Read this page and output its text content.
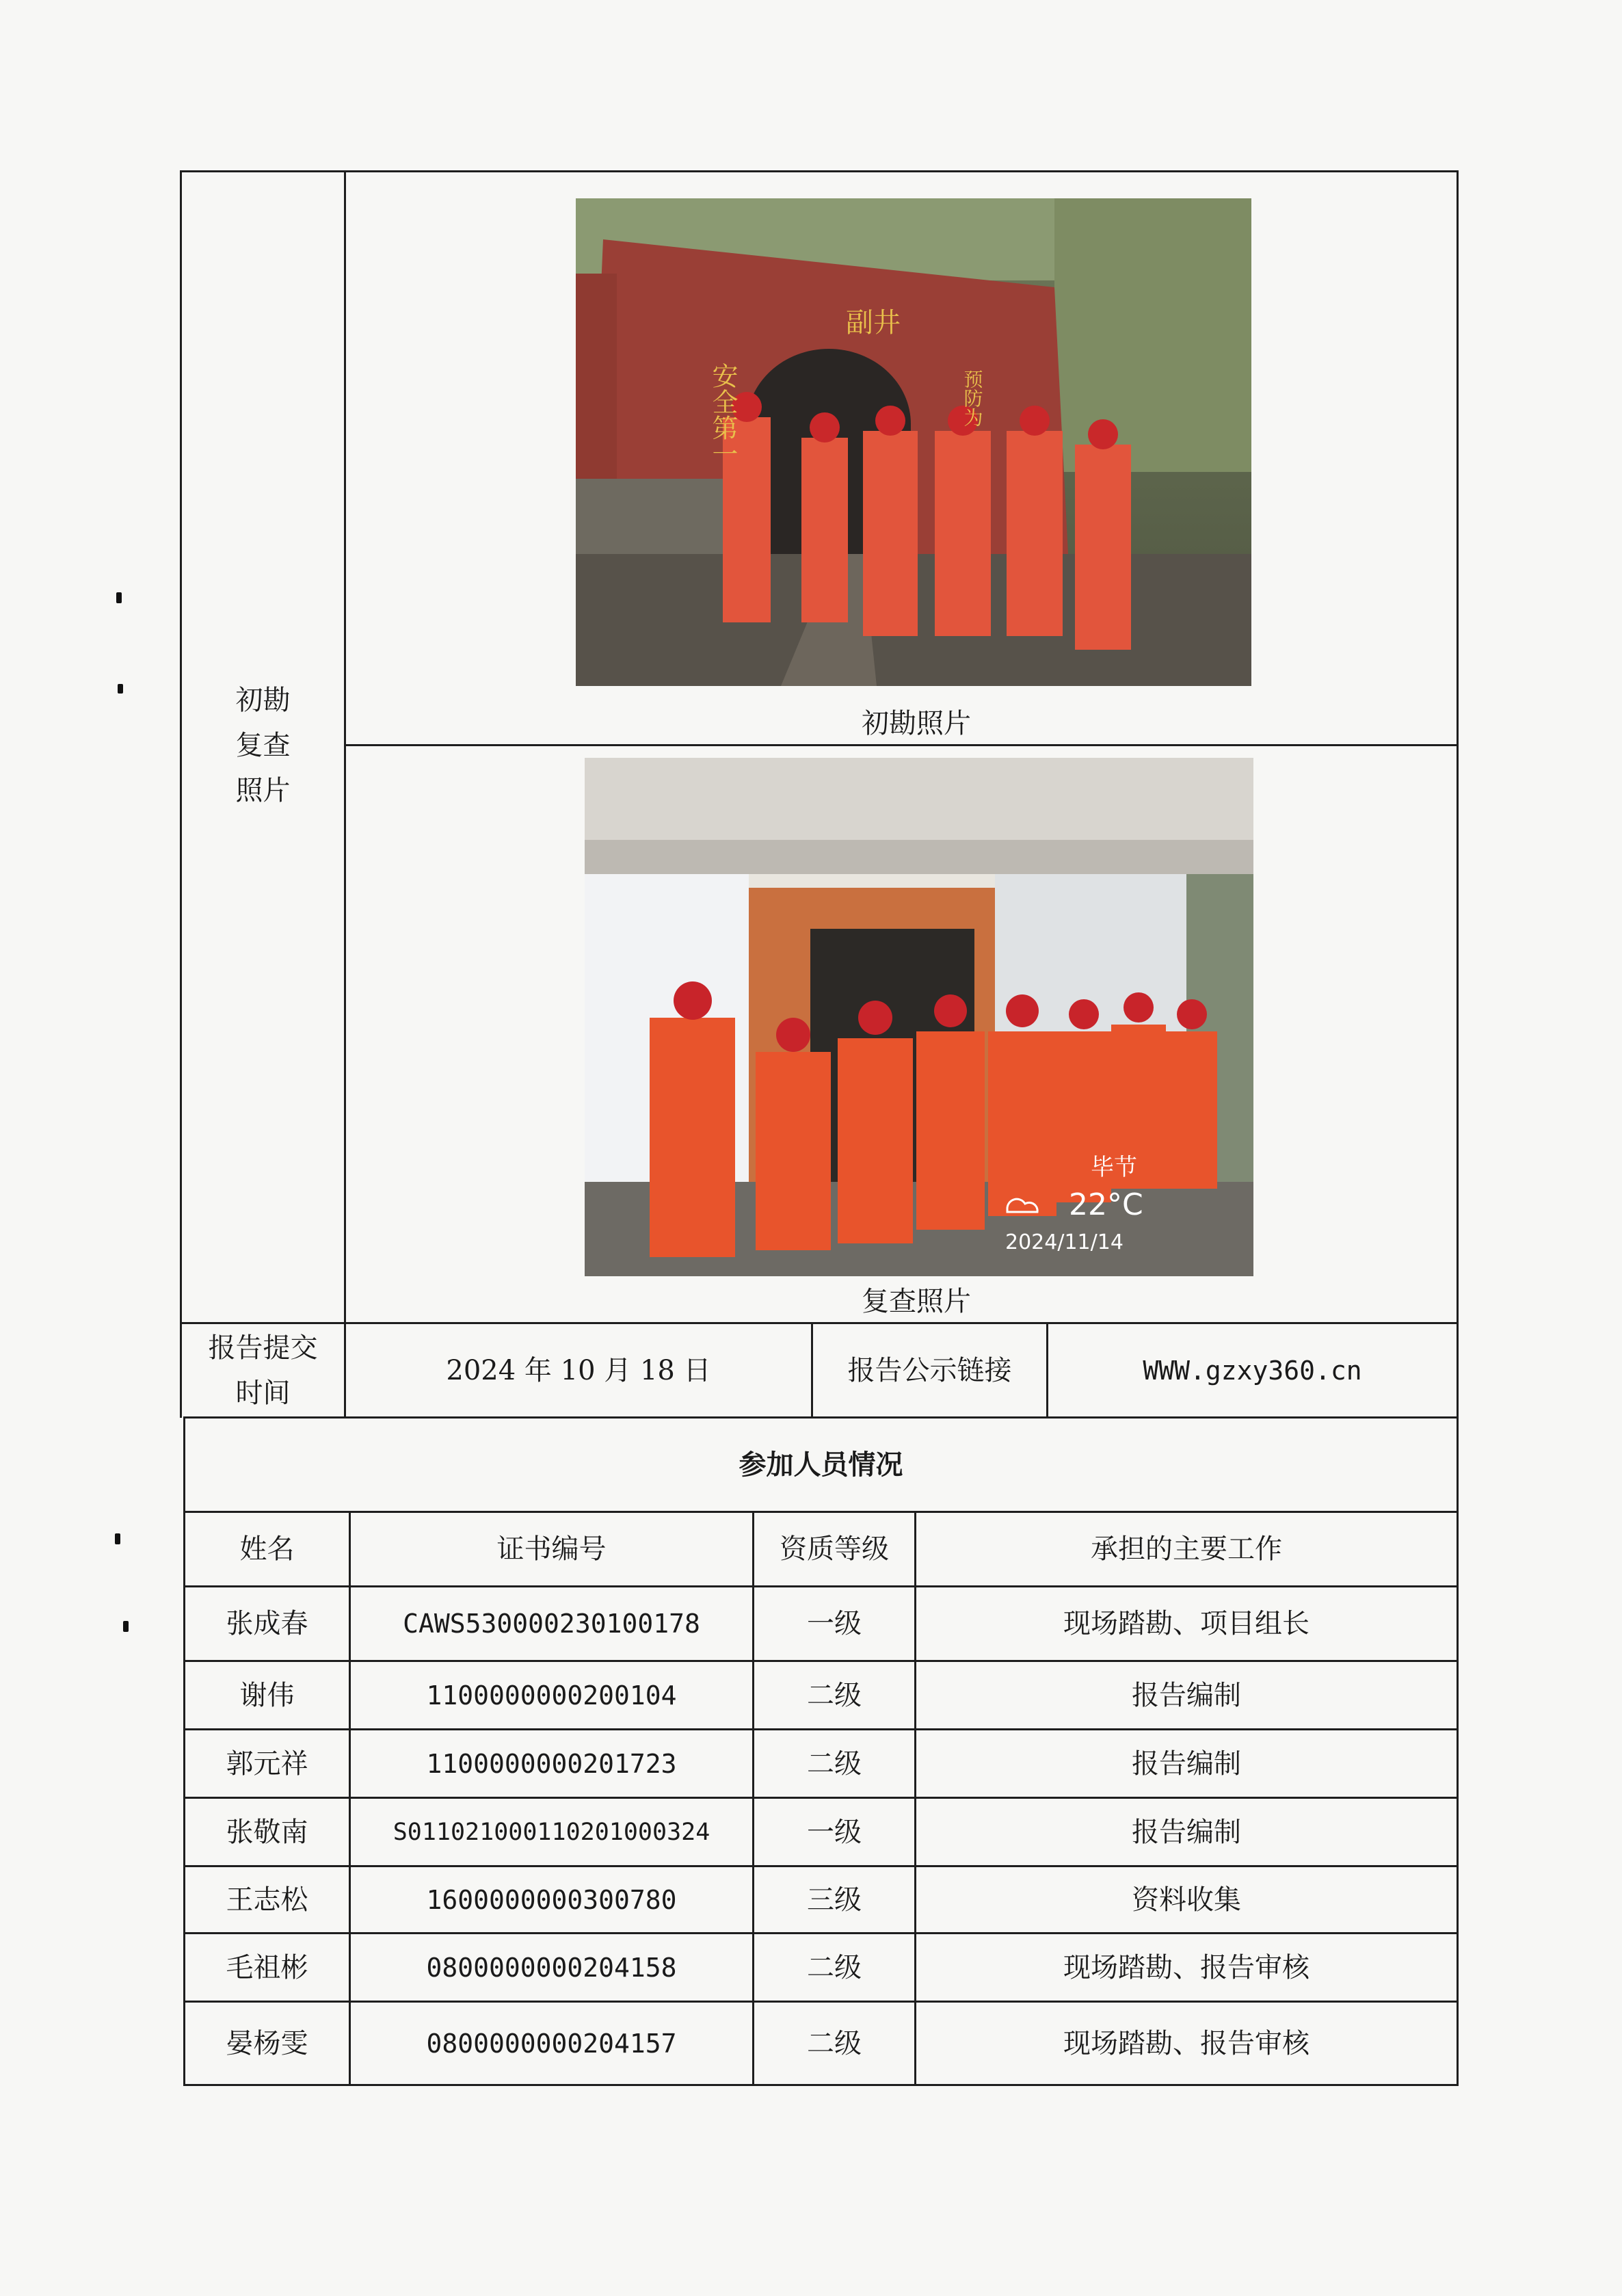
初勘
复查
照片
副井
安全第一	预防为
初勘照片
毕节
22°C
2024/11/14
复查照片
报告提交
时间
2024 年 10 月 18 日	报告公示链接	WWW.gzxy360.cn
参加人员情况
姓名	证书编号	资质等级	承担的主要工作
张成春	CAWS530000230100178	一级	现场踏勘、项目组长
谢伟	1100000000200104	二级	报告编制
郭元祥	1100000000201723	二级	报告编制
张敬南	S011021000110201000324	一级	报告编制
王志松	1600000000300780	三级	资料收集
毛祖彬	0800000000204158	二级	现场踏勘、报告审核
晏杨雯	0800000000204157	二级	现场踏勘、报告审核
